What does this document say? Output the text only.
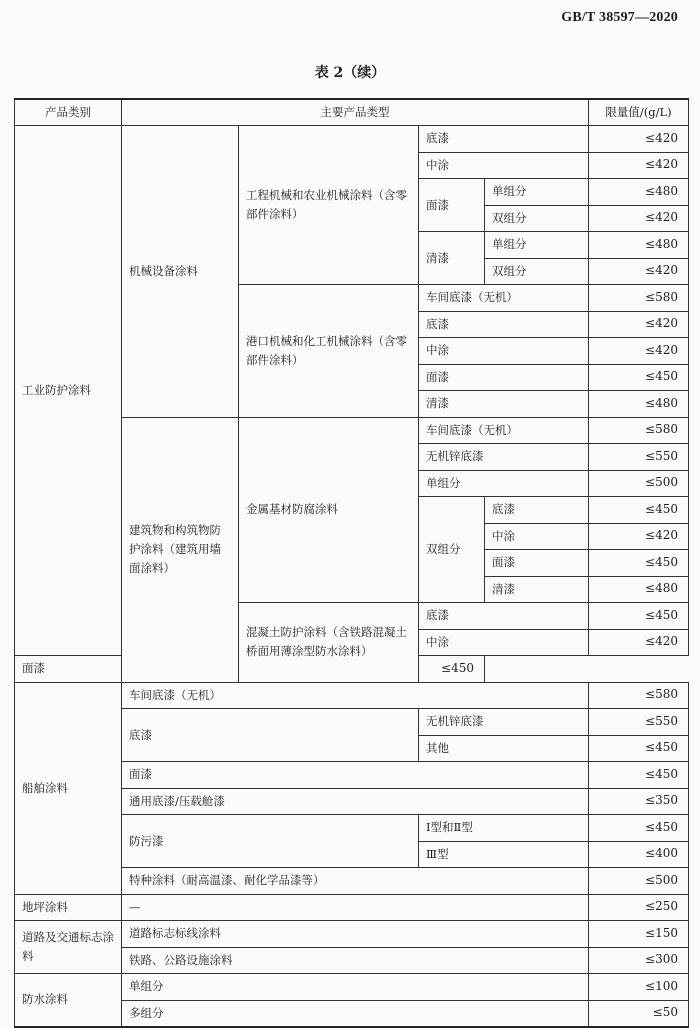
GB/T 38597—2020
表 2（续）
产品类别	主要产品类型				限量值/(g/L)
工业防护涂料	机械设备涂料	工程机械和农业机械涂料（含零部件涂料）	底漆		≤420
			中涂		≤420
			面漆	单组分	≤480
				双组分	≤420
			清漆	单组分	≤480
				双组分	≤420
		港口机械和化工机械涂料（含零部件涂料）	车间底漆（无机）		≤580
			底漆		≤420
			中涂		≤420
			面漆		≤450
			清漆		≤480
	建筑物和构筑物防护涂料（建筑用墙面涂料）	金属基材防腐涂料	车间底漆（无机）		≤580
			无机锌底漆		≤550
			单组分		≤500
			双组分	底漆	≤450
				中涂	≤420
				面漆	≤450
				清漆	≤480
		混凝土防护涂料（含铁路混凝土桥面用薄涂型防水涂料）	底漆		≤450
			中涂		≤420
面漆			≤450		
船舶涂料	车间底漆（无机）				≤580
	底漆		无机锌底漆		≤550
			其他		≤450
	面漆				≤450
	通用底漆/压载舱漆				≤350
	防污漆		Ⅰ型和Ⅱ型		≤450
			Ⅲ型		≤400
	特种涂料（耐高温漆、耐化学品漆等）				≤500
地坪涂料	—				≤250
道路及交通标志涂料	道路标志标线涂料				≤150
	铁路、公路设施涂料				≤300
防水涂料	单组分				≤100
	多组分				≤50
